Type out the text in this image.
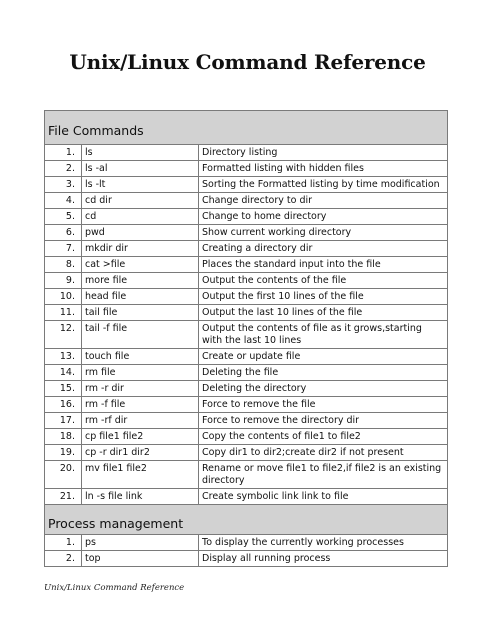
Unix/Linux Command Reference
File Commands		
1.	ls	Directory listing
2.	ls -al	Formatted listing with hidden files
3.	ls -lt	Sorting the Formatted listing by time modification
4.	cd dir	Change directory to dir
5.	cd	Change to home directory
6.	pwd	Show current working directory
7.	mkdir dir	Creating a directory dir
8.	cat >file	Places the standard input into the file
9.	more file	Output the contents of the file
10.	head file	Output the first 10 lines of the file
11.	tail file	Output the last 10 lines of the file
12.	tail -f file	Output the contents of file as it grows,starting with the last 10 lines
13.	touch file	Create or update file
14.	rm file	Deleting the file
15.	rm -r dir	Deleting the directory
16.	rm -f file	Force to remove the file
17.	rm -rf dir	Force to remove the directory dir
18.	cp file1 file2	Copy the contents of file1 to file2
19.	cp -r dir1 dir2	Copy dir1 to dir2;create dir2 if not present
20.	mv file1 file2	Rename or move file1 to file2,if file2 is an existing directory
21.	ln -s file link	Create symbolic link link to file
Process management		
1.	ps	To display the currently working processes
2.	top	Display all running process
Unix/Linux Command Reference
